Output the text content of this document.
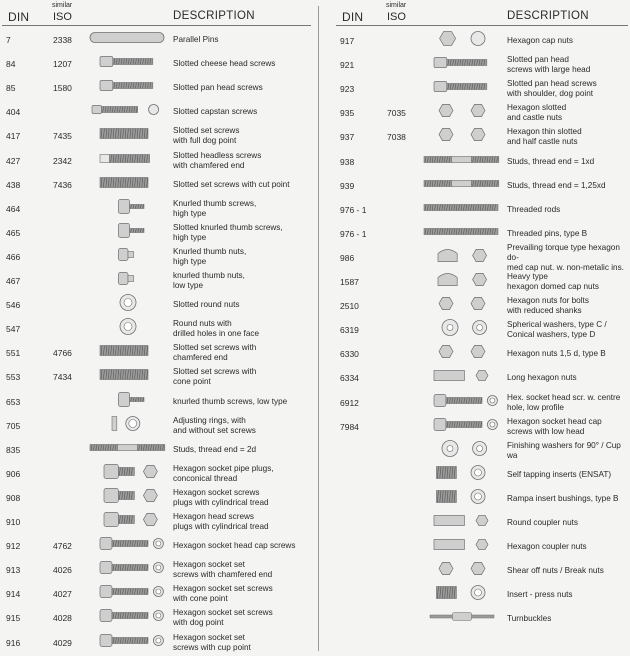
DIN
similar
ISO	DESCRIPTION
7	2338	Parallel Pins
84	1207	Slotted cheese head screws
85	1580	Slotted pan head screws
404	Slotted capstan screws
417	7435
Slotted set screws
with full dog point
427	2342
Slotted headless screws
with chamfered end
438	7436	Slotted set screws with cut point
464
Knurled thumb screws,
high type
465
Slotted knurled thumb screws,
high type
466
Knurled thumb nuts,
high type
467
knurled thumb nuts,
low type
546	Slotted round nuts
547
Round nuts with
drilled holes in one face
551	4766
Slotted set screws with
chamfered end
553	7434
Slotted set screws with
cone point
653	knurled thumb screws, low type
705
Adjusting rings, with
and without set screws
835	Studs, thread end = 2d
906
Hexagon socket pipe plugs,
conconical thread
908
Hexagon socket screws
plugs with cylindrical tread
910
Hexagon head screws
plugs with cylindrical tread
912	4762	Hexagon socket head cap screws
913	4026
Hexagon socket set
screws with chamfered end
914	4027
Hexagon socket set screws
with cone point
915	4028
Hexagon socket set screws
with dog point
916	4029
Hexagon socket set
screws with cup point
DIN
similar
ISO	DESCRIPTION
917	Hexagon cap nuts
921
Slotted pan head
screws with large head
923
Slotted pan head screws
with shoulder, dog point
935	7035
Hexagon slotted
and castle nuts
937	7038
Hexagon thin slotted
and half castle nuts
938	Studs, thread end = 1xd
939	Studs, thread end = 1,25xd
976 - 1	Threaded rods
976 - 1	Threaded pins, type B
986
Prevailing torque type hexagon do-
med cap nut. w. non-metalic ins.
1587
Heavy type
hexagon domed cap nuts
2510
Hexagon nuts for bolts
with reduced shanks
6319
Spherical washers, type C /
Conical washers, type D
6330	Hexagon nuts 1,5 d, type B
6334	Long hexagon nuts
6912
Hex. socket head scr. w. centre
hole, low profile
7984
Hexagon socket head cap
screws with low head
Finishing washers for 90° / Cup wa
Self tapping inserts (ENSAT)
Rampa insert bushings, type B
Round coupler nuts
Hexagon coupler nuts
Shear off nuts / Break nuts
Insert - press nuts
Turnbuckles
